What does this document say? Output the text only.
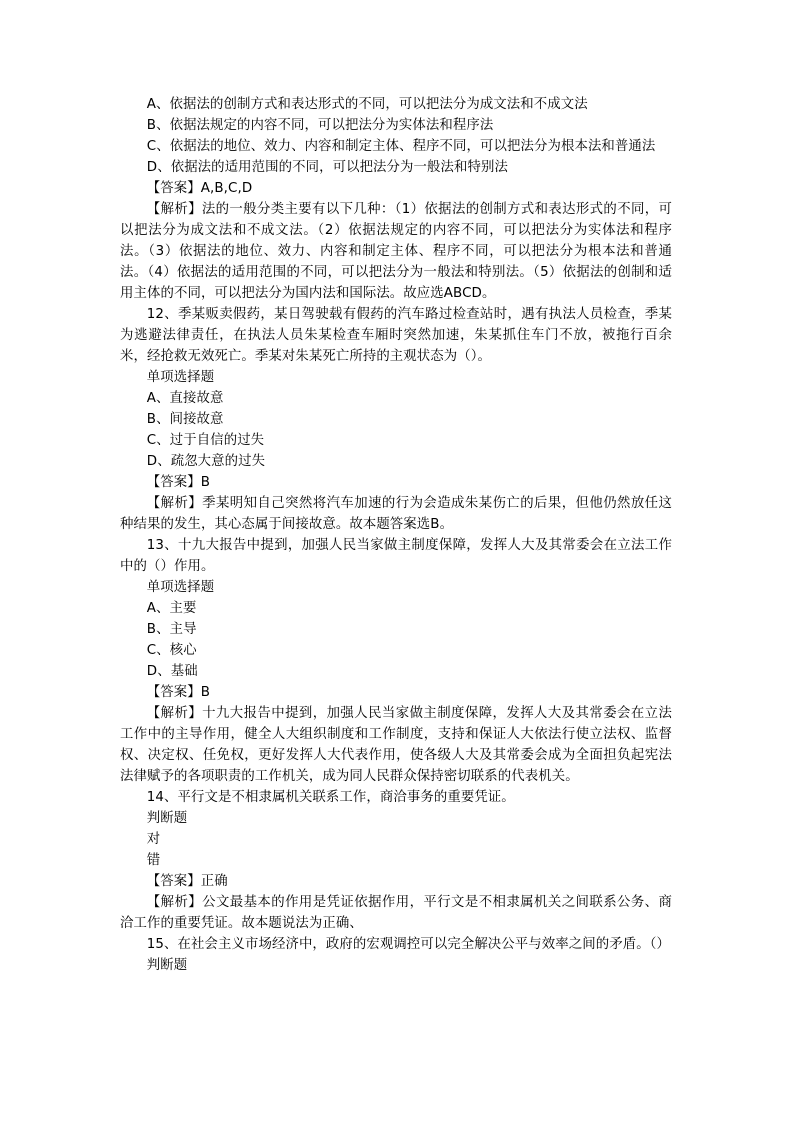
A、依据法的创制方式和表达形式的不同，可以把法分为成文法和不成文法

B、依据法规定的内容不同，可以把法分为实体法和程序法

C、依据法的地位、效力、内容和制定主体、程序不同，可以把法分为根本法和普通法

D、依据法的适用范围的不同，可以把法分为一般法和特别法

【答案】A,B,C,D

【解析】法的一般分类主要有以下几种：（1）依据法的创制方式和表达形式的不同，可以把法分为成文法和不成文法。（2）依据法规定的内容不同，可以把法分为实体法和程序法。（3）依据法的地位、效力、内容和制定主体、程序不同，可以把法分为根本法和普通法。（4）依据法的适用范围的不同，可以把法分为一般法和特别法。（5）依据法的创制和适用主体的不同，可以把法分为国内法和国际法。故应选ABCD。

12、季某贩卖假药，某日驾驶载有假药的汽车路过检查站时，遇有执法人员检查，季某为逃避法律责任，在执法人员朱某检查车厢时突然加速，朱某抓住车门不放，被拖行百余米，经抢救无效死亡。季某对朱某死亡所持的主观状态为（）。

单项选择题

A、直接故意

B、间接故意

C、过于自信的过失

D、疏忽大意的过失

【答案】B

【解析】季某明知自己突然将汽车加速的行为会造成朱某伤亡的后果，但他仍然放任这种结果的发生，其心态属于间接故意。故本题答案选B。

13、十九大报告中提到，加强人民当家做主制度保障，发挥人大及其常委会在立法工作中的（）作用。

单项选择题

A、主要

B、主导

C、核心

D、基础

【答案】B

【解析】十九大报告中提到，加强人民当家做主制度保障，发挥人大及其常委会在立法工作中的主导作用，健全人大组织制度和工作制度，支持和保证人大依法行使立法权、监督权、决定权、任免权，更好发挥人大代表作用，使各级人大及其常委会成为全面担负起宪法法律赋予的各项职责的工作机关，成为同人民群众保持密切联系的代表机关。

14、平行文是不相隶属机关联系工作，商洽事务的重要凭证。

判断题

对

错

【答案】正确

【解析】公文最基本的作用是凭证依据作用，平行文是不相隶属机关之间联系公务、商洽工作的重要凭证。故本题说法为正确、

15、在社会主义市场经济中，政府的宏观调控可以完全解决公平与效率之间的矛盾。（）

判断题
